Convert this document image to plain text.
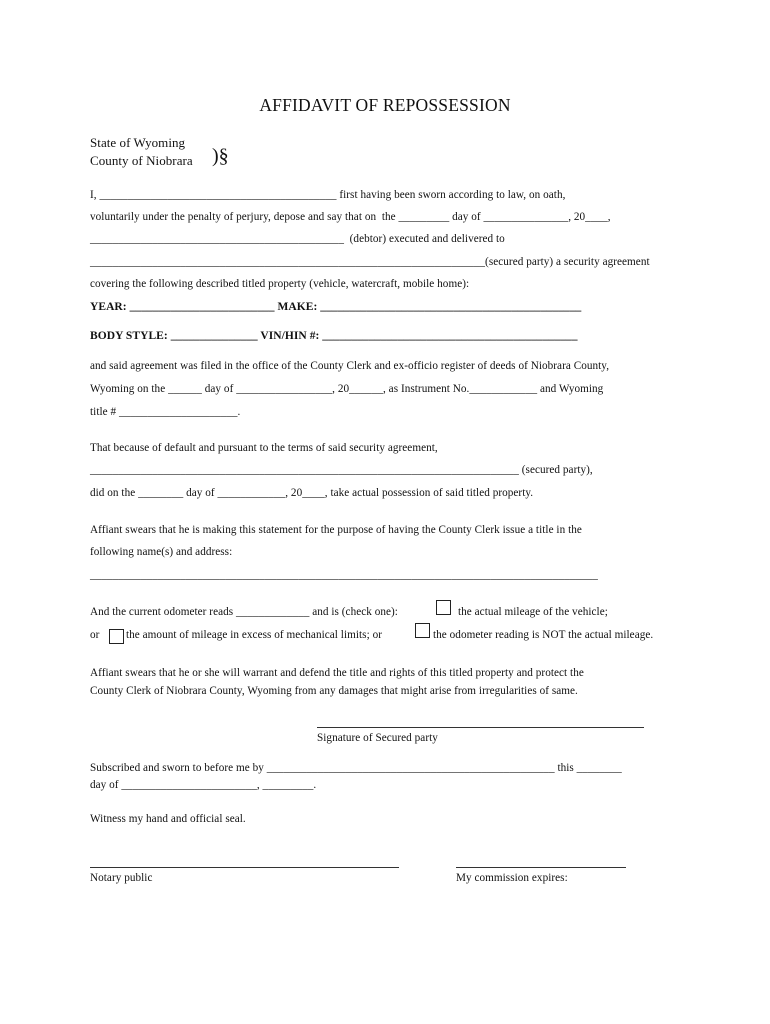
AFFIDAVIT OF REPOSSESSION
State of Wyoming
County of Niobrara )§
I, __________________________________________ first having been sworn according to law, on oath,
voluntarily under the penalty of perjury, depose and say that on  the _________ day of _______________, 20____,
_____________________________________________  (debtor) executed and delivered to
______________________________________________________________________(secured party) a security agreement
covering the following described titled property (vehicle, watercraft, mobile home):
YEAR: _________________________ MAKE: _____________________________________________
BODY STYLE: _______________ VIN/HIN #: ____________________________________________
and said agreement was filed in the office of the County Clerk and ex-officio register of deeds of Niobrara County,
Wyoming on the ______ day of _________________, 20______, as Instrument No.____________ and Wyoming
title # _____________________.
That because of default and pursuant to the terms of said security agreement,
____________________________________________________________________________ (secured party),
did on the ________ day of ____________, 20____, take actual possession of said titled property.
Affiant swears that he is making this statement for the purpose of having the County Clerk issue a title in the
following name(s) and address:
__________________________________________________________________________________________
And the current odometer reads _____________ and is (check one):	the actual mileage of the vehicle;
or the amount of mileage in excess of mechanical limits; or	the odometer reading is NOT the actual mileage.
Affiant swears that he or she will warrant and defend the title and rights of this titled property and protect the
County Clerk of Niobrara County, Wyoming from any damages that might arise from irregularities of same.
Signature of Secured party
Subscribed and sworn to before me by ___________________________________________________ this ________
day of ________________________, _________.
Witness my hand and official seal.
Notary public	My commission expires:
